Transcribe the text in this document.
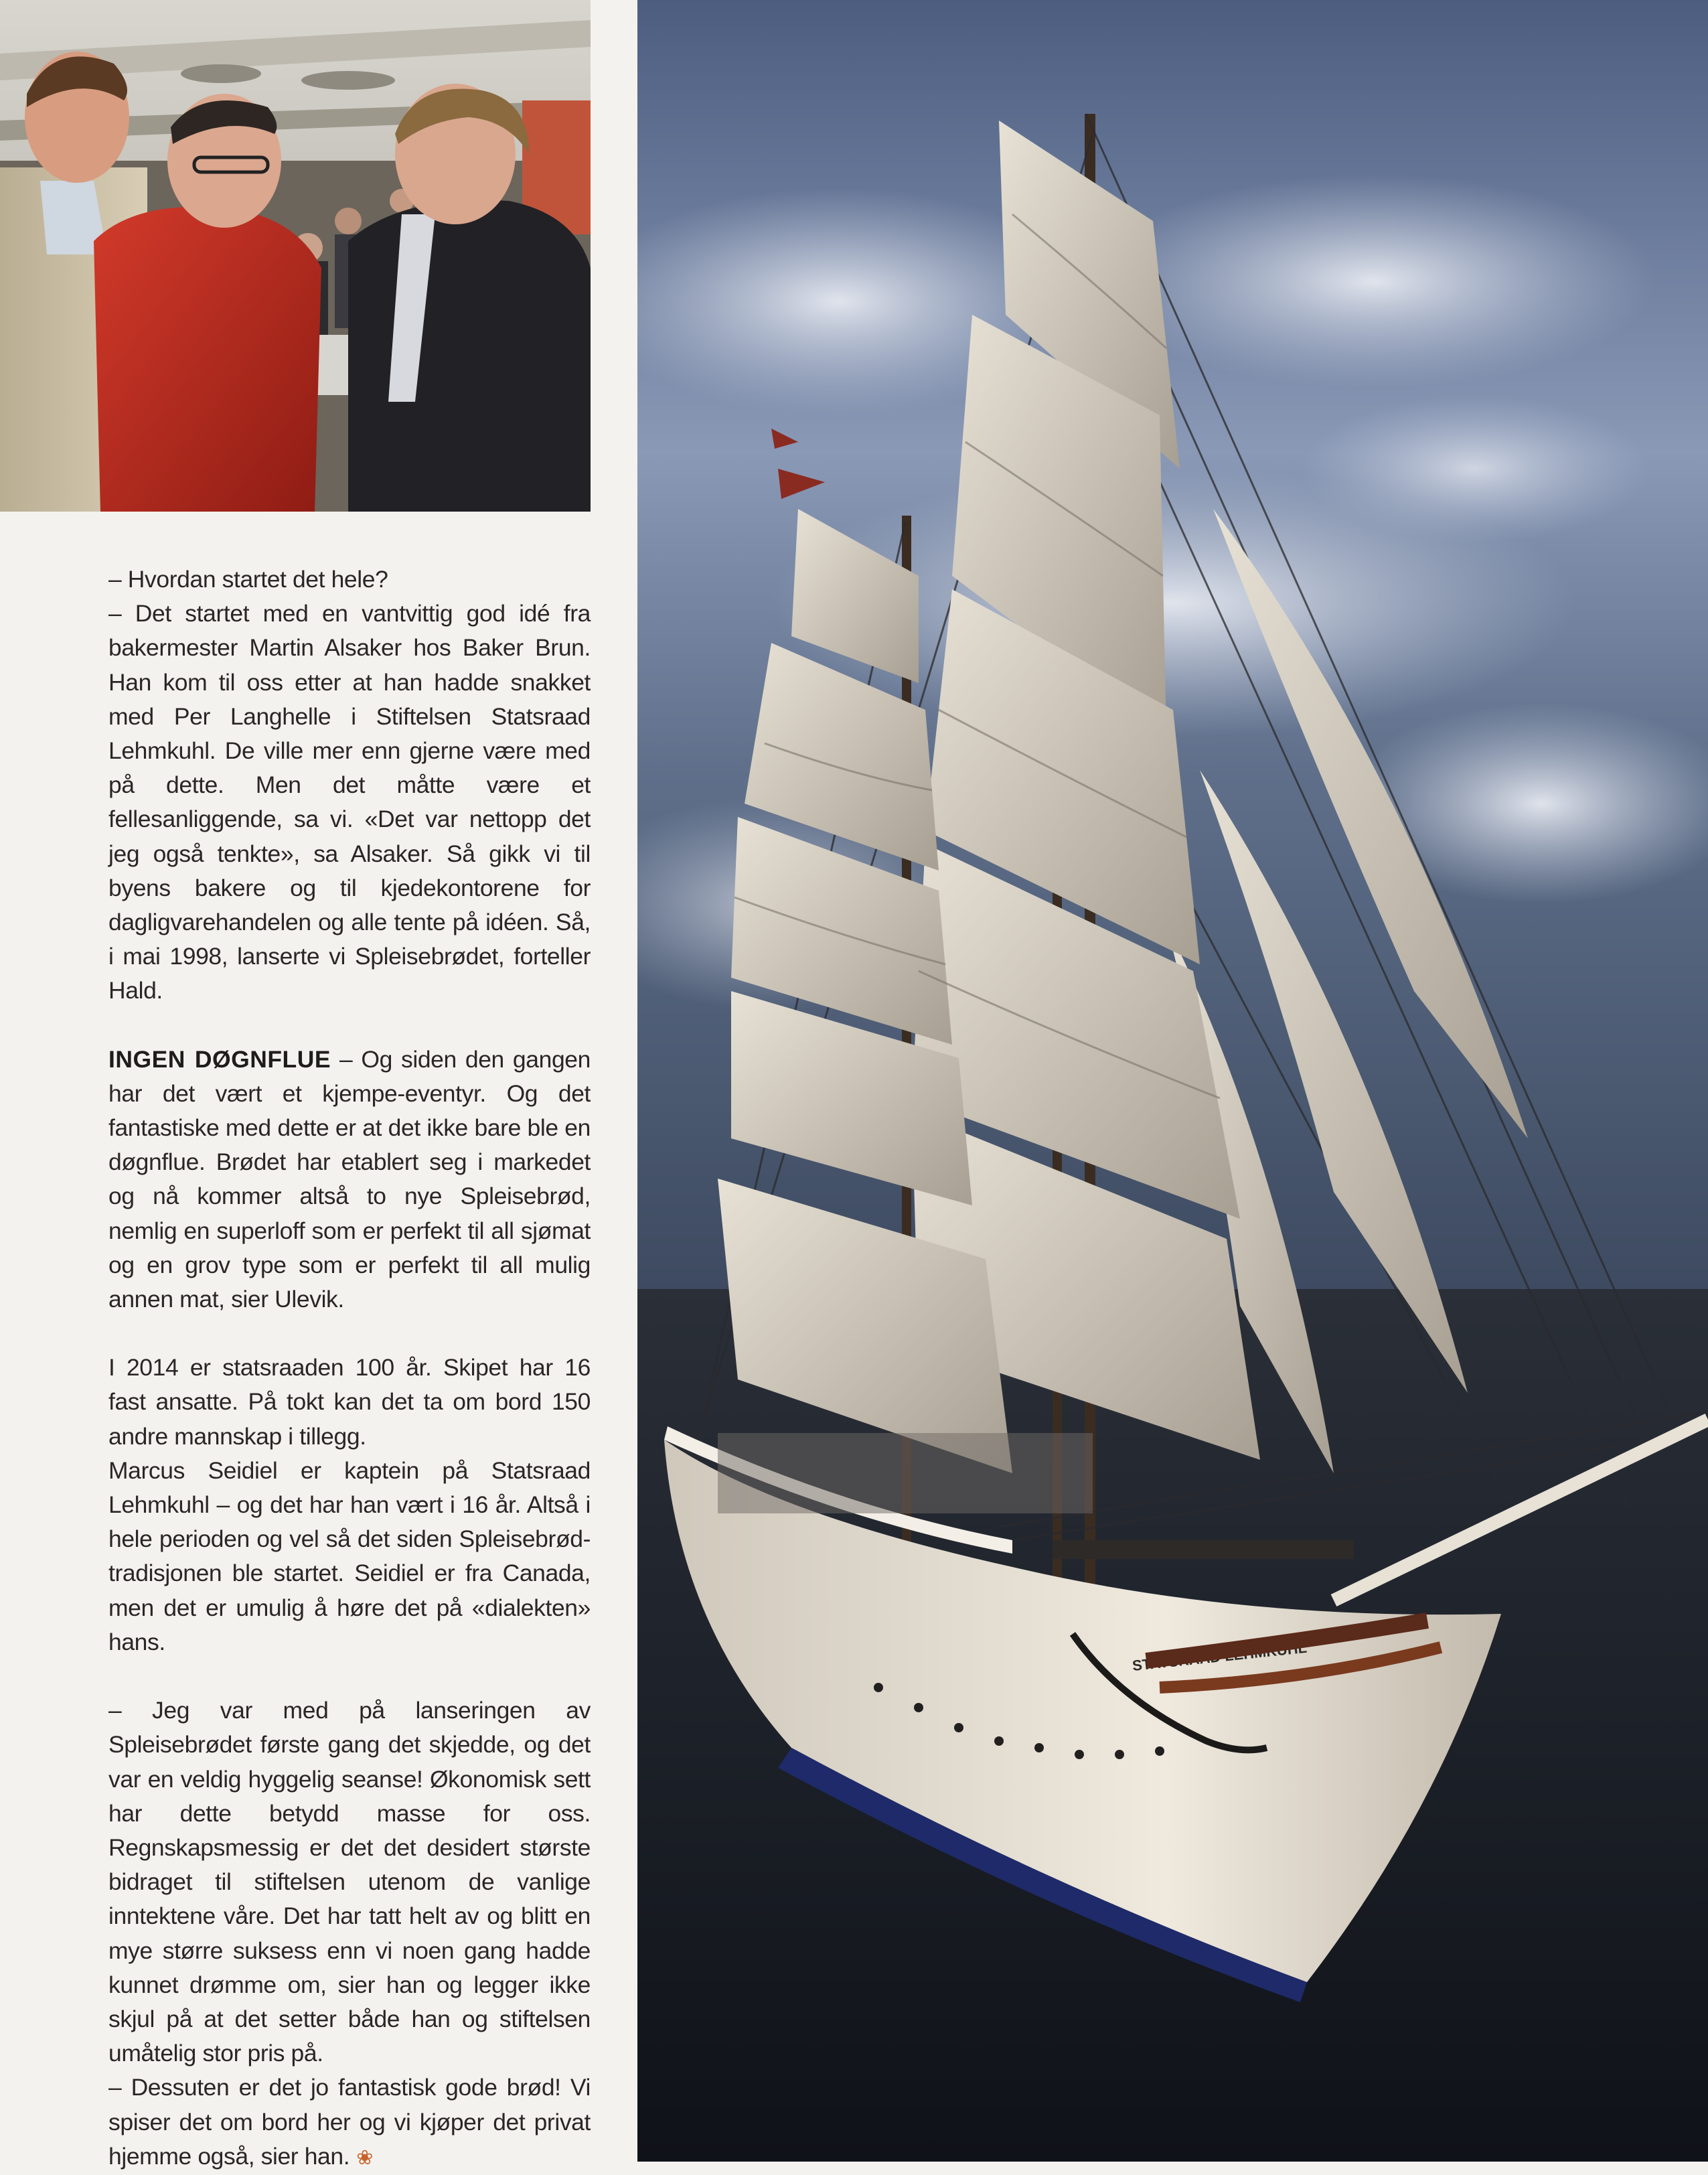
STATSRAAD LEHMKUHL

– Hvordan startet det hele?

– Det startet med en vantvittig god idé fra bakermester Martin Alsaker hos Baker Brun. Han kom til oss etter at han hadde snakket med Per Langhelle i Stiftelsen Statsraad Lehmkuhl. De ville mer enn gjerne være med på dette. Men det måtte være et fellesanliggende, sa vi. «Det var nettopp det jeg også tenkte», sa Alsaker. Så gikk vi til byens bakere og til kjedekontorene for dagligvarehandelen og alle tente på idéen. Så, i mai 1998, lanserte vi Spleisebrødet, forteller Hald.

INGEN DØGNFLUE – Og siden den gangen har det vært et kjempe-eventyr. Og det fantastiske med dette er at det ikke bare ble en døgnflue. Brødet har etablert seg i markedet og nå kommer altså to nye Spleisebrød, nemlig en superloff som er perfekt til all sjømat og en grov type som er perfekt til all mulig annen mat, sier Ulevik.

I 2014 er statsraaden 100 år. Skipet har 16 fast ansatte. På tokt kan det ta om bord 150 andre mannskap i tillegg.

Marcus Seidiel er kaptein på Statsraad Lehmkuhl – og det har han vært i 16 år. Altså i hele perioden og vel så det siden Spleisebrød-tradisjonen ble startet. Seidiel er fra Canada, men det er umulig å høre det på «dialekten» hans.

– Jeg var med på lanseringen av Spleisebrødet første gang det skjedde, og det var en veldig hyggelig seanse! Økonomisk sett har dette betydd masse for oss. Regnskapsmessig er det det desidert største bidraget til stiftelsen utenom de vanlige inntektene våre. Det har tatt helt av og blitt en mye større suksess enn vi noen gang hadde kunnet drømme om, sier han og legger ikke skjul på at det setter både han og stiftelsen umåtelig stor pris på.

– Dessuten er det jo fantastisk gode brød! Vi spiser det om bord her og vi kjøper det privat hjemme også, sier han. ❀
